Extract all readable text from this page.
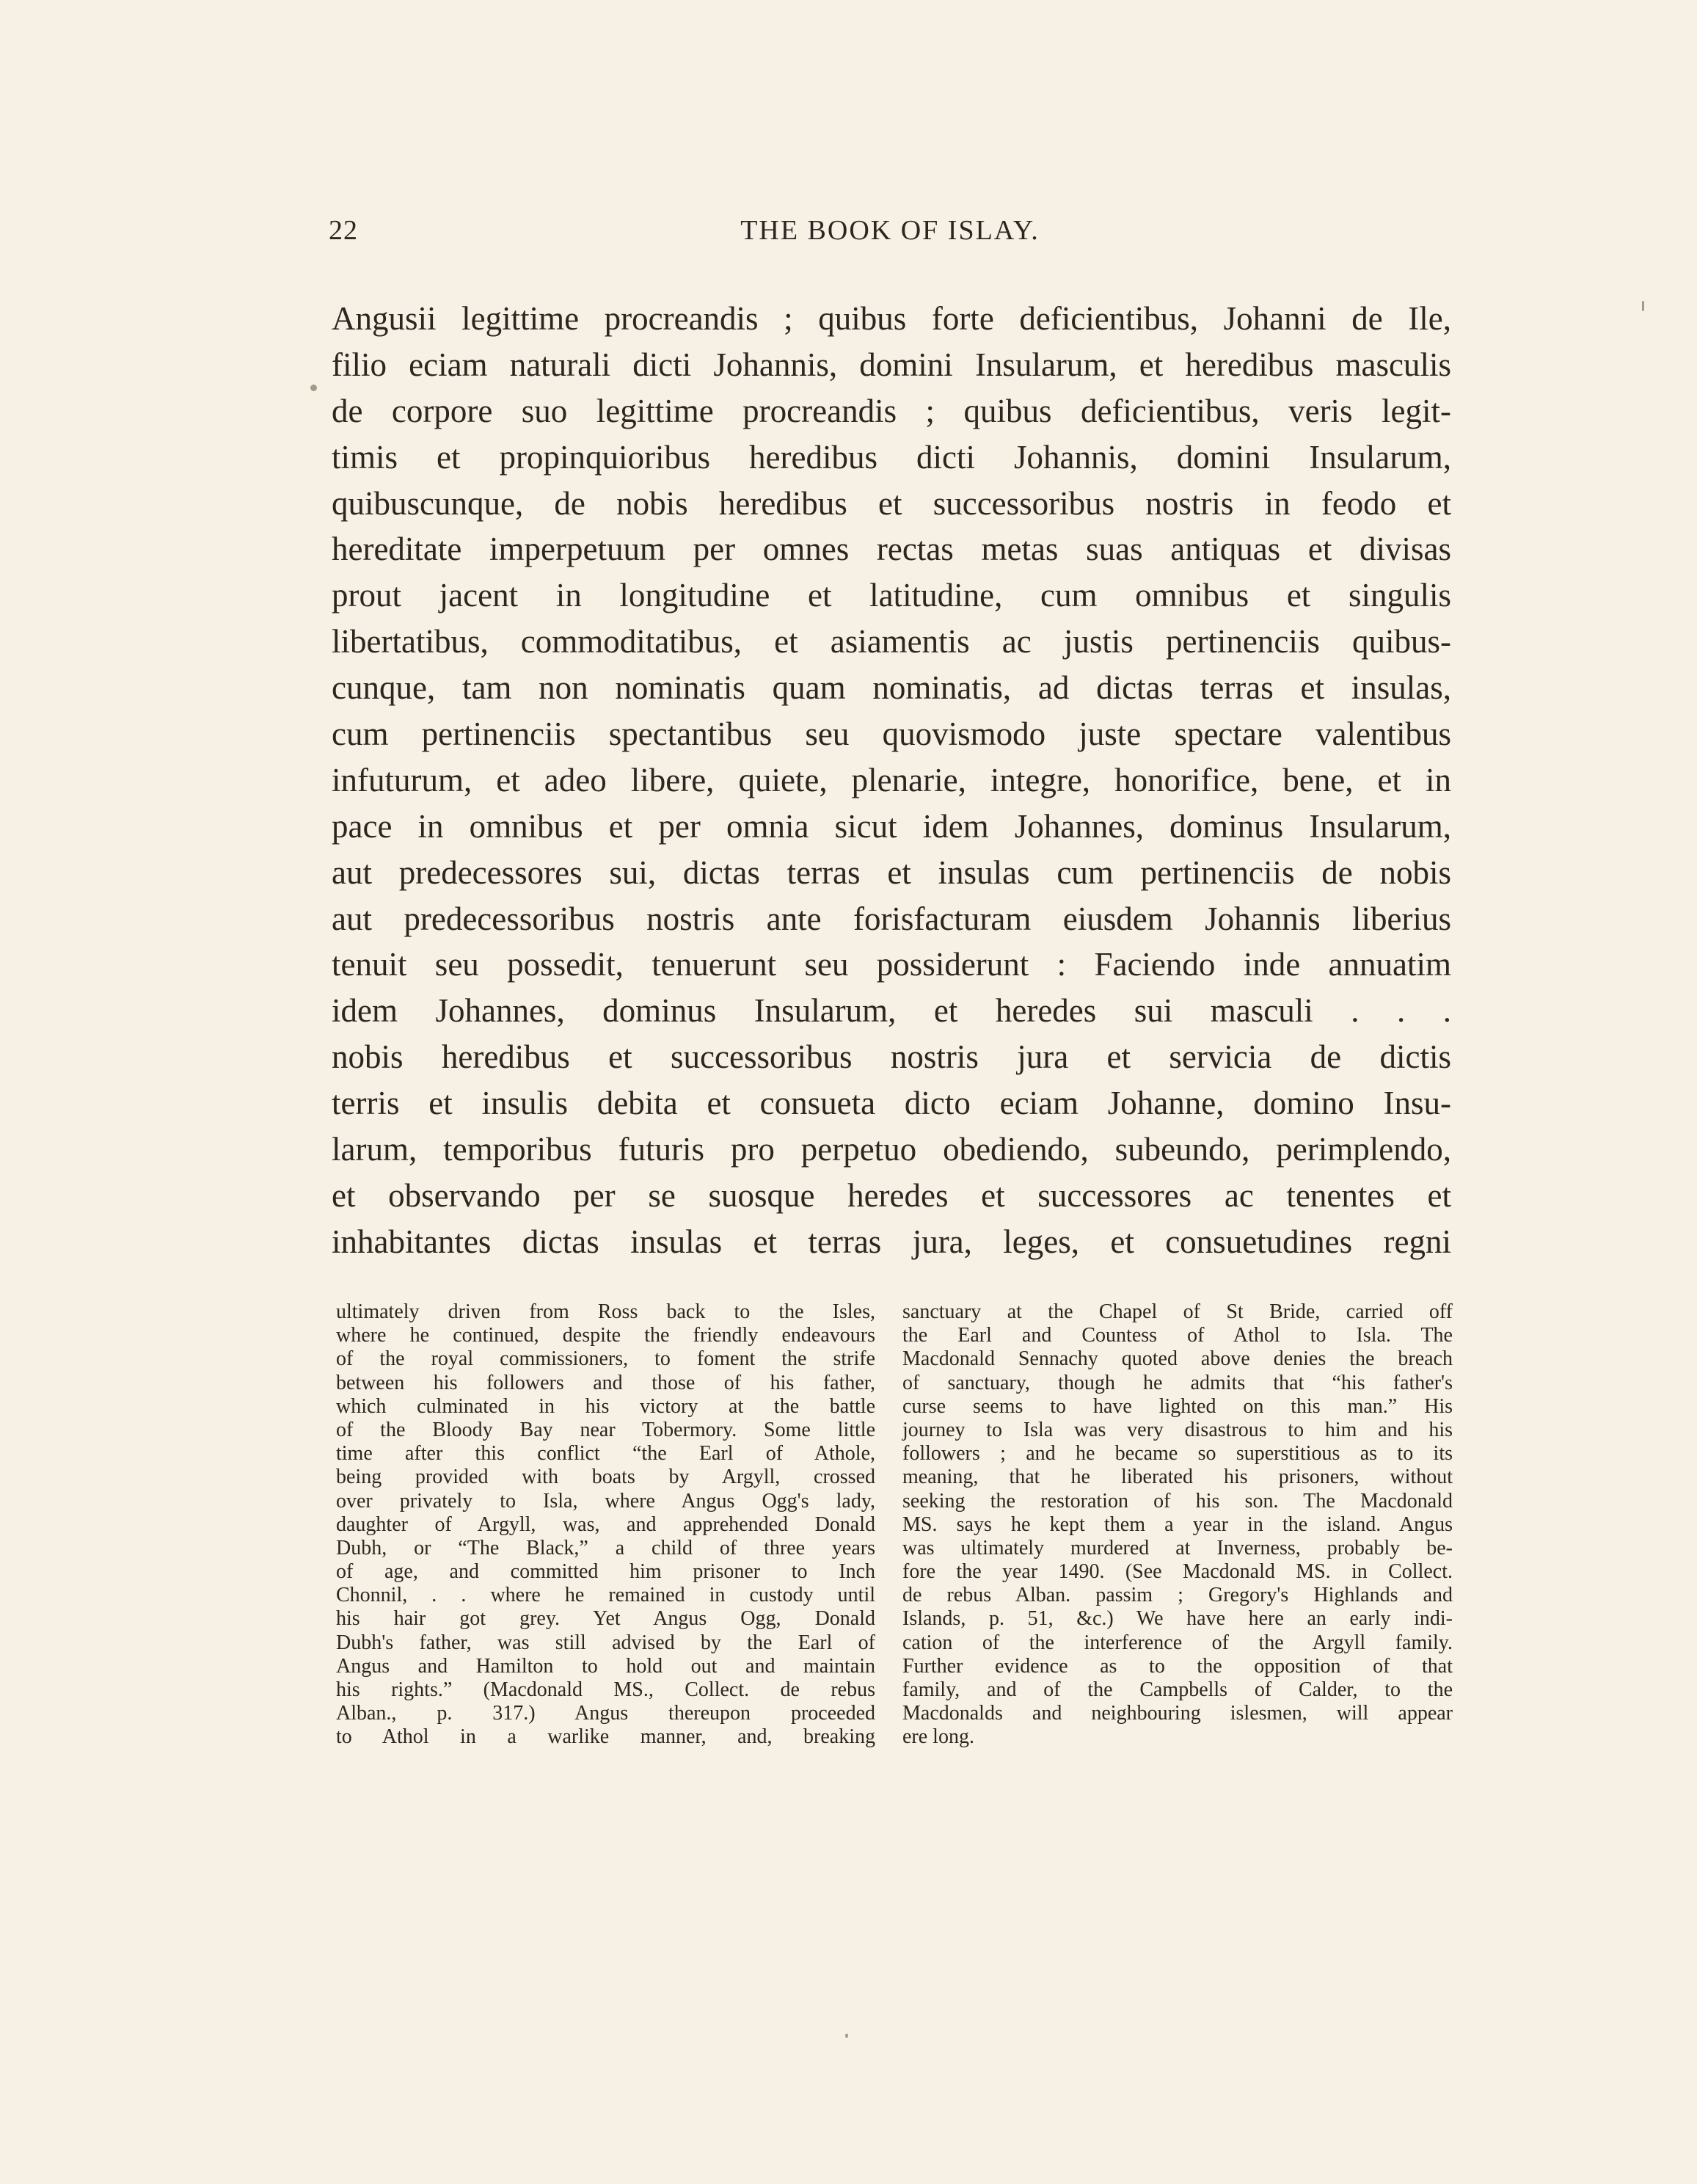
22	THE BOOK OF ISLAY.
Angusii legittime procreandis ; quibus forte deficientibus, Johanni de Ile,
filio eciam naturali dicti Johannis, domini Insularum, et heredibus masculis
de corpore suo legittime procreandis ; quibus deficientibus, veris legit-
timis et propinquioribus heredibus dicti Johannis, domini Insularum,
quibuscunque, de nobis heredibus et successoribus nostris in feodo et
hereditate imperpetuum per omnes rectas metas suas antiquas et divisas
prout jacent in longitudine et latitudine, cum omnibus et singulis
libertatibus, commoditatibus, et asiamentis ac justis pertinenciis quibus-
cunque, tam non nominatis quam nominatis, ad dictas terras et insulas,
cum pertinenciis spectantibus seu quovismodo juste spectare valentibus
infuturum, et adeo libere, quiete, plenarie, integre, honorifice, bene, et in
pace in omnibus et per omnia sicut idem Johannes, dominus Insularum,
aut predecessores sui, dictas terras et insulas cum pertinenciis de nobis
aut predecessoribus nostris ante forisfacturam eiusdem Johannis liberius
tenuit seu possedit, tenuerunt seu possiderunt : Faciendo inde annuatim
idem Johannes, dominus Insularum, et heredes sui masculi . . .
nobis heredibus et successoribus nostris jura et servicia de dictis
terris et insulis debita et consueta dicto eciam Johanne, domino Insu-
larum, temporibus futuris pro perpetuo obediendo, subeundo, perimplendo,
et observando per se suosque heredes et successores ac tenentes et
inhabitantes dictas insulas et terras jura, leges, et consuetudines regni
ultimately driven from Ross back to the Isles,
where he continued, despite the friendly endeavours
of the royal commissioners, to foment the strife
between his followers and those of his father,
which culminated in his victory at the battle
of the Bloody Bay near Tobermory. Some little
time after this conflict “the Earl of Athole,
being provided with boats by Argyll, crossed
over privately to Isla, where Angus Ogg's lady,
daughter of Argyll, was, and apprehended Donald
Dubh, or “The Black,” a child of three years
of age, and committed him prisoner to Inch
Chonnil, . . where he remained in custody until
his hair got grey. Yet Angus Ogg, Donald
Dubh's father, was still advised by the Earl of
Angus and Hamilton to hold out and maintain
his rights.” (Macdonald MS., Collect. de rebus
Alban., p. 317.) Angus thereupon proceeded
to Athol in a warlike manner, and, breaking
sanctuary at the Chapel of St Bride, carried off
the Earl and Countess of Athol to Isla. The
Macdonald Sennachy quoted above denies the breach
of sanctuary, though he admits that “his father's
curse seems to have lighted on this man.” His
journey to Isla was very disastrous to him and his
followers ; and he became so superstitious as to its
meaning, that he liberated his prisoners, without
seeking the restoration of his son. The Macdonald
MS. says he kept them a year in the island. Angus
was ultimately murdered at Inverness, probably be-
fore the year 1490. (See Macdonald MS. in Collect.
de rebus Alban. passim ; Gregory's Highlands and
Islands, p. 51, &c.) We have here an early indi-
cation of the interference of the Argyll family.
Further evidence as to the opposition of that
family, and of the Campbells of Calder, to the
Macdonalds and neighbouring islesmen, will appear
ere long.
